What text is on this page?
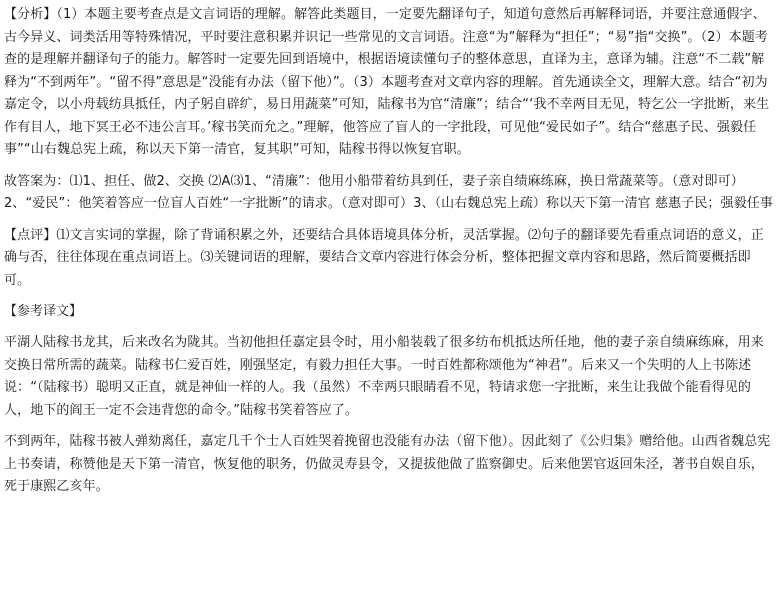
【分析】（1）本题主要考查点是文言词语的理解。解答此类题目，一定要先翻译句子，知道句意然后再解释词语，并要注意通假字、古今异义、词类活用等特殊情况，平时要注意积累并识记一些常见的文言词语。注意“为”解释为“担任”；“易”指“交换”。（2）本题考查的是理解并翻译句子的能力。解答时一定要先回到语境中，根据语境读懂句子的整体意思，直译为主，意译为辅。注意“不二载”解释为“不到两年”。“留不得”意思是“没能有办法（留下他）”。（3）本题考查对文章内容的理解。首先通读全文，理解大意。结合“初为嘉定令，以小舟载纺具抵任，内子躬自辟纩，易日用蔬菜”可知，陆稼书为官“清廉”；结合“‘我不幸两目无见，特乞公一字批断，来生作有目人，地下冥王必不违公言耳。’稼书笑而允之。”理解，他答应了盲人的一字批段，可见他“爱民如子”。结合“慈惠子民、强毅任事”“山右魏总宪上疏，称以天下第一清官，复其职”可知，陆稼书得以恢复官职。

故答案为：⑴1、担任、做2、交换 ⑵A⑶1、“清廉”：他用小船带着纺具到任，妻子亲自绩麻练麻，换日常蔬菜等。（意对即可）2、“爱民”：他笑着答应一位盲人百姓“一字批断”的请求。（意对即可）3、（山右魏总宪上疏）称以天下第一清官 慈惠子民；强毅任事

【点评】⑴文言实词的掌握，除了背诵积累之外，还要结合具体语境具体分析，灵活掌握。⑵句子的翻译要先看重点词语的意义，正确与否，往往体现在重点词语上。⑶关键词语的理解，要结合文章内容进行体会分析，整体把握文章内容和思路，然后简要概括即可。

【参考译文】

平湖人陆稼书龙其，后来改名为陇其。当初他担任嘉定县令时，用小船装载了很多纺布机抵达所任地，他的妻子亲自绩麻练麻，用来交换日常所需的蔬菜。陆稼书仁爱百姓，刚强坚定，有毅力担任大事。一时百姓都称颂他为“神君”。后来又一个失明的人上书陈述说：“（陆稼书）聪明又正直，就是神仙一样的人。我（虽然）不幸两只眼睛看不见，特请求您一字批断，来生让我做个能看得见的人，地下的阎王一定不会违背您的命令。”陆稼书笑着答应了。

不到两年，陆稼书被人弹劾离任，嘉定几千个士人百姓哭着挽留也没能有办法（留下他）。因此刻了《公归集》赠给他。山西省魏总宪上书奏请，称赞他是天下第一清官，恢复他的职务，仍做灵寿县令，又提拔他做了监察御史。后来他罢官返回朱泾，著书自娱自乐，死于康熙乙亥年。
